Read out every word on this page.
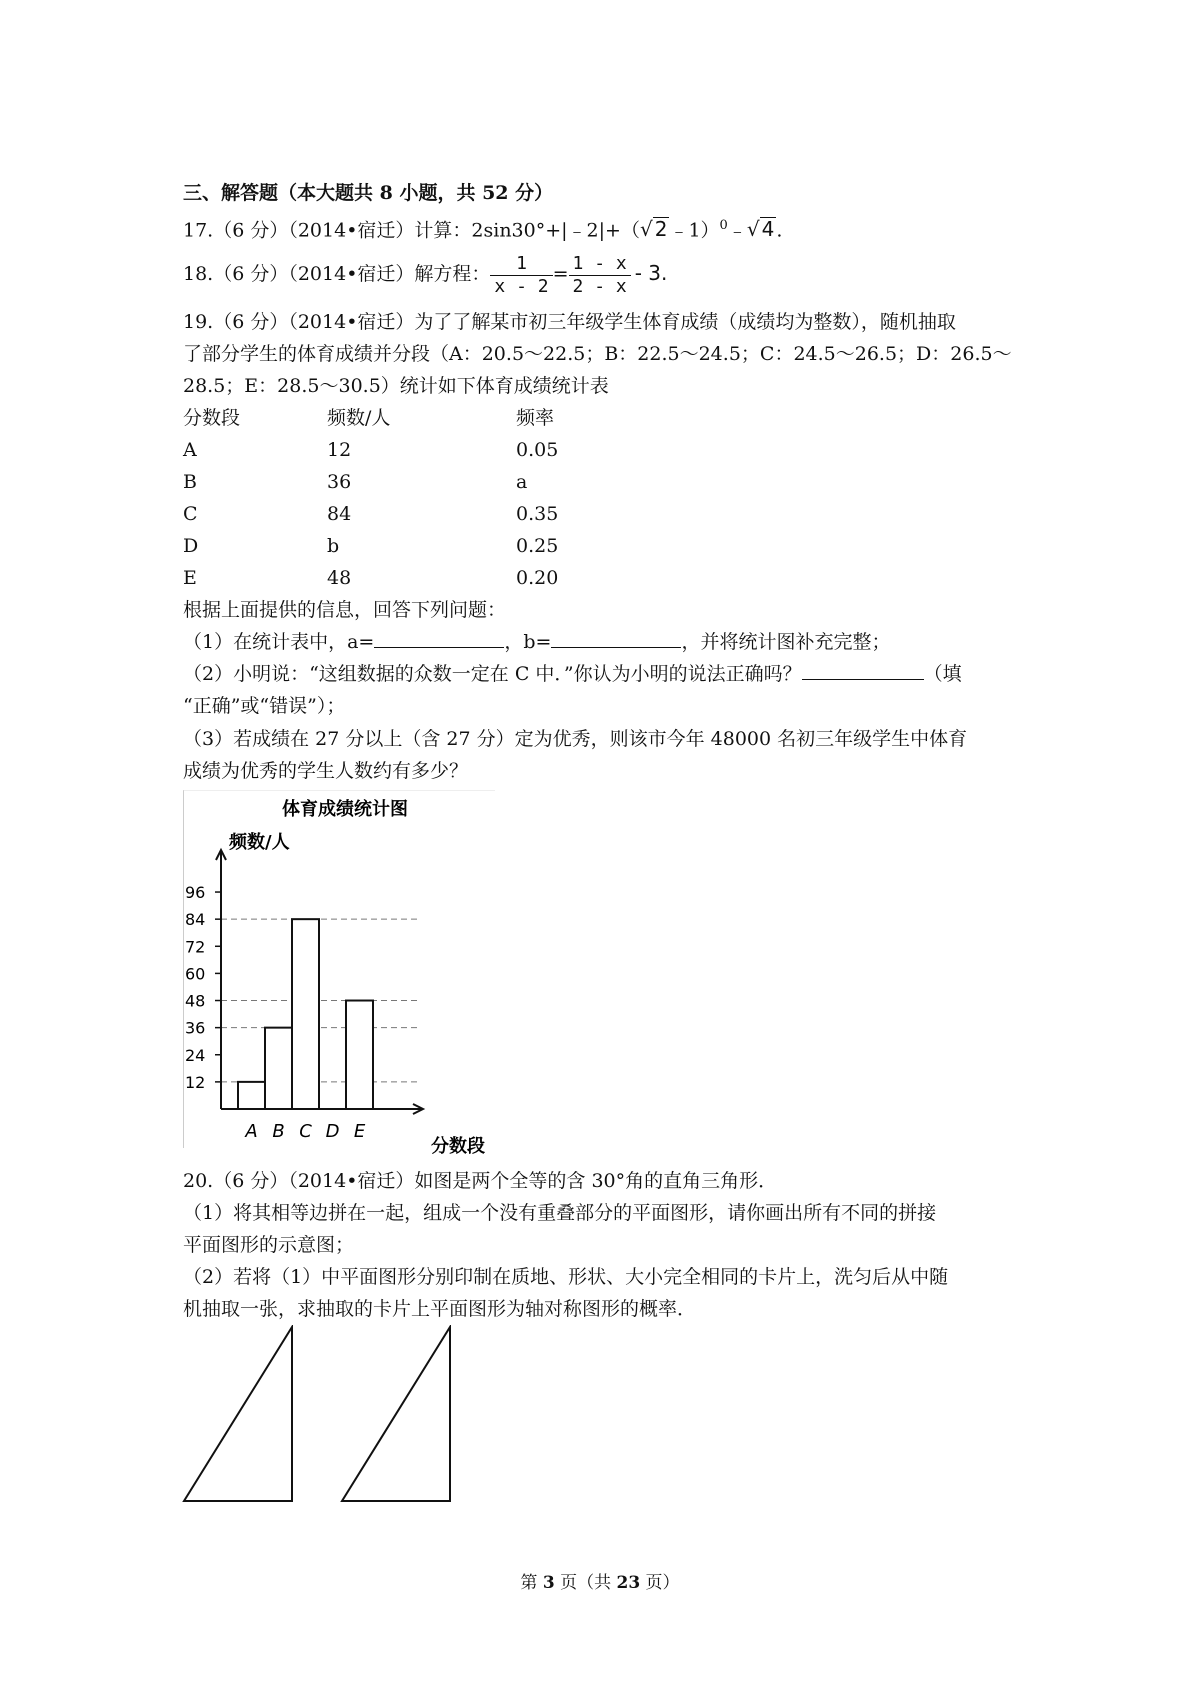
三、解答题（本大题共 8 小题，共 52 分）
17.（6 分）（2014•宿迁）计算：2sin30°+|﹣2|+（√ 2 ﹣1）$^0$﹣√ 4 .
18.（6 分）（2014•宿迁）解方程： $\frac{1}{x - 2} = \frac{1 - x}{2 - x} - 3$.
19.（6 分）（2014•宿迁）为了了解某市初三年级学生体育成绩（成绩均为整数），随机抽取
了部分学生的体育成绩并分段（A：20.5～22.5；B：22.5～24.5；C：24.5～26.5；D：26.5～
28.5；E：28.5～30.5）统计如下体育成绩统计表
分数段	频数/人	频率
A	12	0.05
B	36	a
C	84	0.35
D	b	0.25
E	48	0.20
根据上面提供的信息，回答下列问题：
（1）在统计表中，a=	，b=	，并将统计图补充完整；
（2）小明说：“这组数据的众数一定在 C 中．”你认为小明的说法正确吗？	（填
“正确”或“错误”）；
（3）若成绩在 27 分以上（含 27 分）定为优秀，则该市今年 48000 名初三年级学生中体育
成绩为优秀的学生人数约有多少？
体育成绩统计图
频数/人
分数段
12
24
36
48
60
72
84
96
A B C D E
20.（6 分）（2014•宿迁）如图是两个全等的含 30°角的直角三角形．
（1）将其相等边拼在一起，组成一个没有重叠部分的平面图形，请你画出所有不同的拼接
平面图形的示意图；
（2）若将（1）中平面图形分别印制在质地、形状、大小完全相同的卡片上，洗匀后从中随
机抽取一张，求抽取的卡片上平面图形为轴对称图形的概率．
第 3 页（共 23 页）
